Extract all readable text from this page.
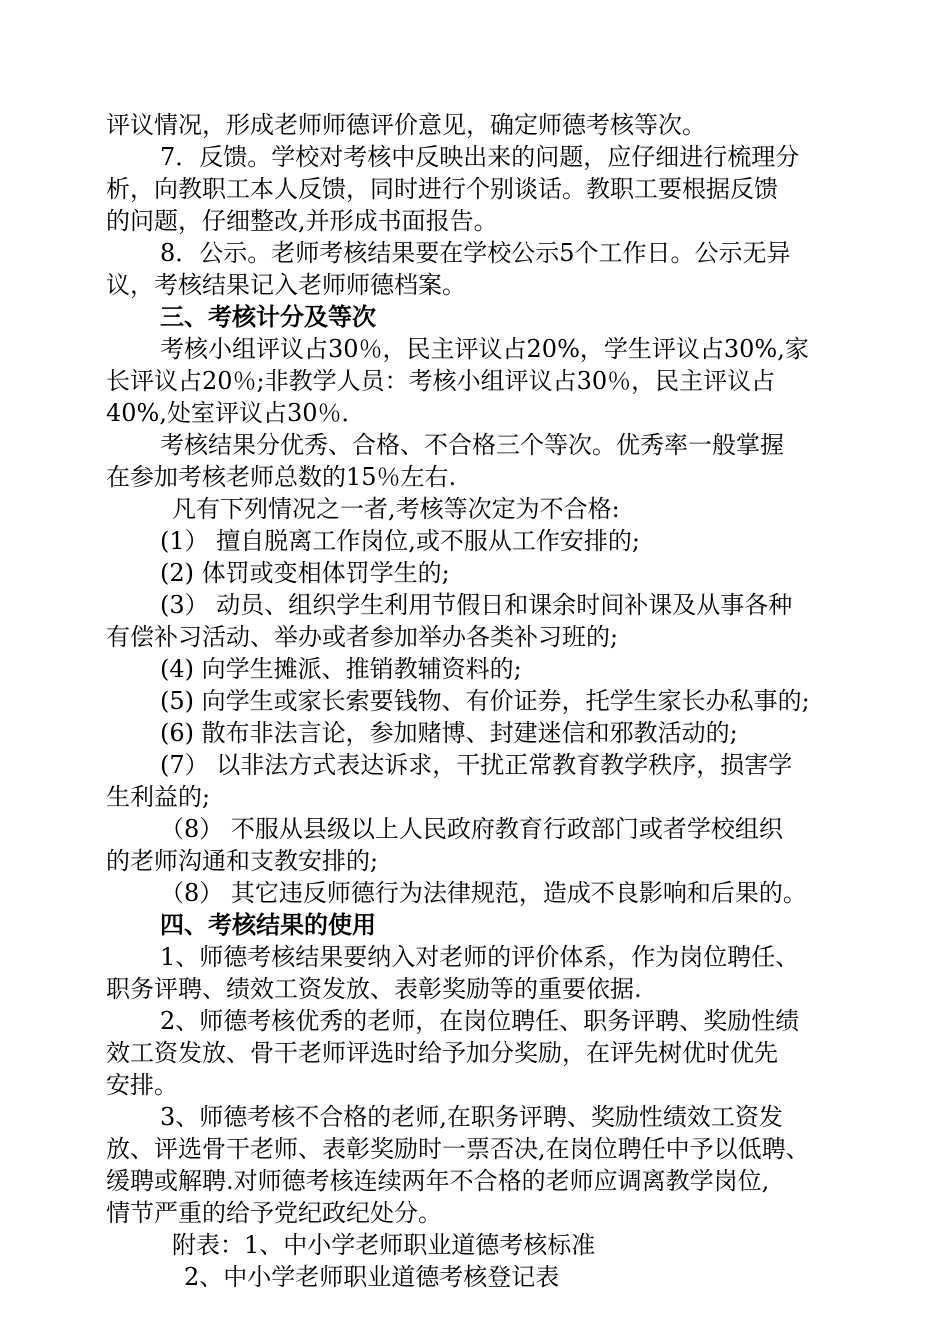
评议情况，形成老师师德评价意见，确定师德考核等次。
7．反馈。学校对考核中反映出来的问题，应仔细进行梳理分
析，向教职工本人反馈，同时进行个别谈话。教职工要根据反馈
的问题，仔细整改,并形成书面报告。
8．公示。老师考核结果要在学校公示5个工作日。公示无异
议，考核结果记入老师师德档案。
三、考核计分及等次
考核小组评议占30％，民主评议占20%，学生评议占30%,家
长评议占20％;非教学人员：考核小组评议占30％，民主评议占
40%,处室评议占30％．
考核结果分优秀、合格、不合格三个等次。优秀率一般掌握
在参加考核老师总数的15％左右.
凡有下列情况之一者,考核等次定为不合格:
(1） 擅自脱离工作岗位,或不服从工作安排的;
(2) 体罚或变相体罚学生的;
(3） 动员、组织学生利用节假日和课余时间补课及从事各种
有偿补习活动、举办或者参加举办各类补习班的;
(4) 向学生摊派、推销教辅资料的;
(5) 向学生或家长索要钱物、有价证券，托学生家长办私事的;
(6) 散布非法言论，参加赌博、封建迷信和邪教活动的;
(7） 以非法方式表达诉求，干扰正常教育教学秩序，损害学
生利益的;
（8） 不服从县级以上人民政府教育行政部门或者学校组织
的老师沟通和支教安排的;
（8） 其它违反师德行为法律规范，造成不良影响和后果的。
四、考核结果的使用
1、师德考核结果要纳入对老师的评价体系，作为岗位聘任、
职务评聘、绩效工资发放、表彰奖励等的重要依据.
2、师德考核优秀的老师，在岗位聘任、职务评聘、奖励性绩
效工资发放、骨干老师评选时给予加分奖励，在评先树优时优先
安排。
3、师德考核不合格的老师,在职务评聘、奖励性绩效工资发
放、评选骨干老师、表彰奖励时一票否决,在岗位聘任中予以低聘、
缓聘或解聘.对师德考核连续两年不合格的老师应调离教学岗位,
情节严重的给予党纪政纪处分。
附表：1、中小学老师职业道德考核标准
2、中小学老师职业道德考核登记表
